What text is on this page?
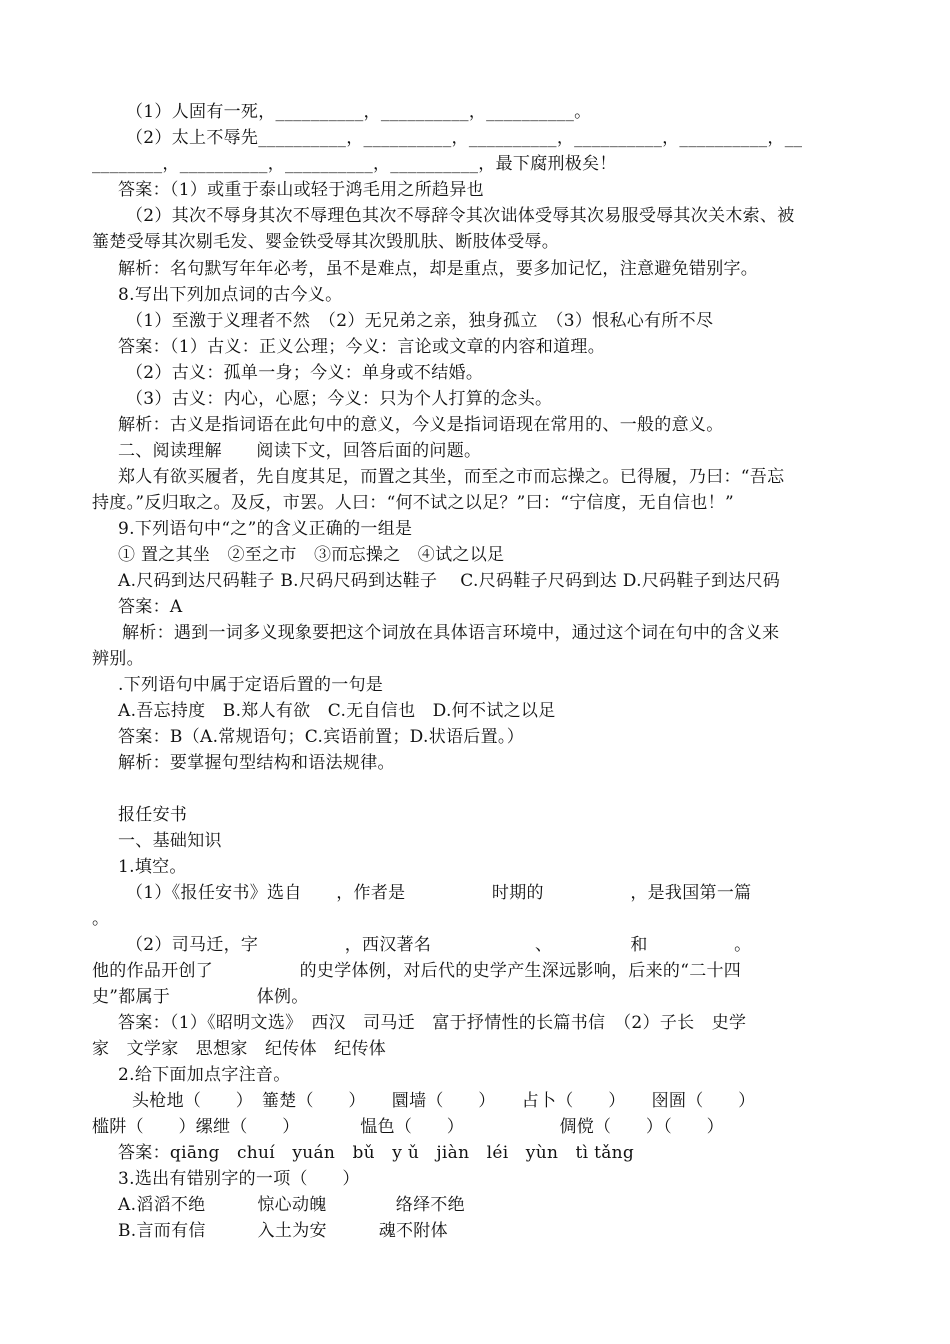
（1）人固有一死，__________，__________，__________。
（2）太上不辱先__________，__________，__________，__________，__________，__
________，__________，__________，__________，最下腐刑极矣！
答案：（1）或重于泰山或轻于鸿毛用之所趋异也
（2）其次不辱身其次不辱理色其次不辱辞令其次诎体受辱其次易服受辱其次关木索、被
箠楚受辱其次剔毛发、婴金铁受辱其次毁肌肤、断肢体受辱。
解析：名句默写年年必考，虽不是难点，却是重点，要多加记忆，注意避免错别字。
8.写出下列加点词的古今义。
（1）至激于义理者不然　（2）无兄弟之亲，独身孤立　（3）恨私心有所不尽
答案：（1）古义：正义公理；今义：言论或文章的内容和道理。
（2）古义：孤单一身；今义：单身或不结婚。
（3）古义：内心，心愿；今义：只为个人打算的念头。
解析：古义是指词语在此句中的意义，今义是指词语现在常用的、一般的意义。
二、阅读理解　　阅读下文，回答后面的问题。
郑人有欲买履者，先自度其足，而置之其坐，而至之市而忘操之。已得履，乃曰：“吾忘
持度。”反归取之。及反，市罢。人曰：“何不试之以足？”曰：“宁信度，无自信也！”
9.下列语句中“之”的含义正确的一组是
① 置之其坐　②至之市　③而忘操之　④试之以足
A.尺码到达尺码鞋子 B.尺码尺码到达鞋子　 C.尺码鞋子尺码到达 D.尺码鞋子到达尺码
答案：A
解析：遇到一词多义现象要把这个词放在具体语言环境中，通过这个词在句中的含义来
辨别。
.下列语句中属于定语后置的一句是
A.吾忘持度　B.郑人有欲　C.无自信也　D.何不试之以足
答案：B（A.常规语句；C.宾语前置；D.状语后置。）
解析：要掌握句型结构和语法规律。
报任安书
一、基础知识
1.填空。
（1）《报任安书》选自　　，作者是　　　　　时期的　　　　　，是我国第一篇
。
（2）司马迁，字　　　　　，西汉著名　　　　　　、　　　　　和　　　　　。
他的作品开创了　　　　　的史学体例，对后代的史学产生深远影响，后来的“二十四
史”都属于　　　　　体例。
答案：（1）《昭明文选》　西汉　司马迁　富于抒情性的长篇书信　（2）子长　史学
家　文学家　思想家　纪传体　纪传体
2.给下面加点字注音。
头枪地（　　）　箠楚（　　）　　圜墙（　　）　　占卜（　　）　　囹圄（　　）
槛阱（　　）缧绁（　　）　　　　愠色（　　）　　　　　　倜傥（　　）（　　）
答案：qiāng　chuí　yuán　bǔ　y ǔ　jiàn　léi　yùn　tì tǎng
3.选出有错别字的一项（　　）
A.滔滔不绝　　　惊心动魄　　　　络绎不绝
B.言而有信　　　入土为安　　　魂不附体
